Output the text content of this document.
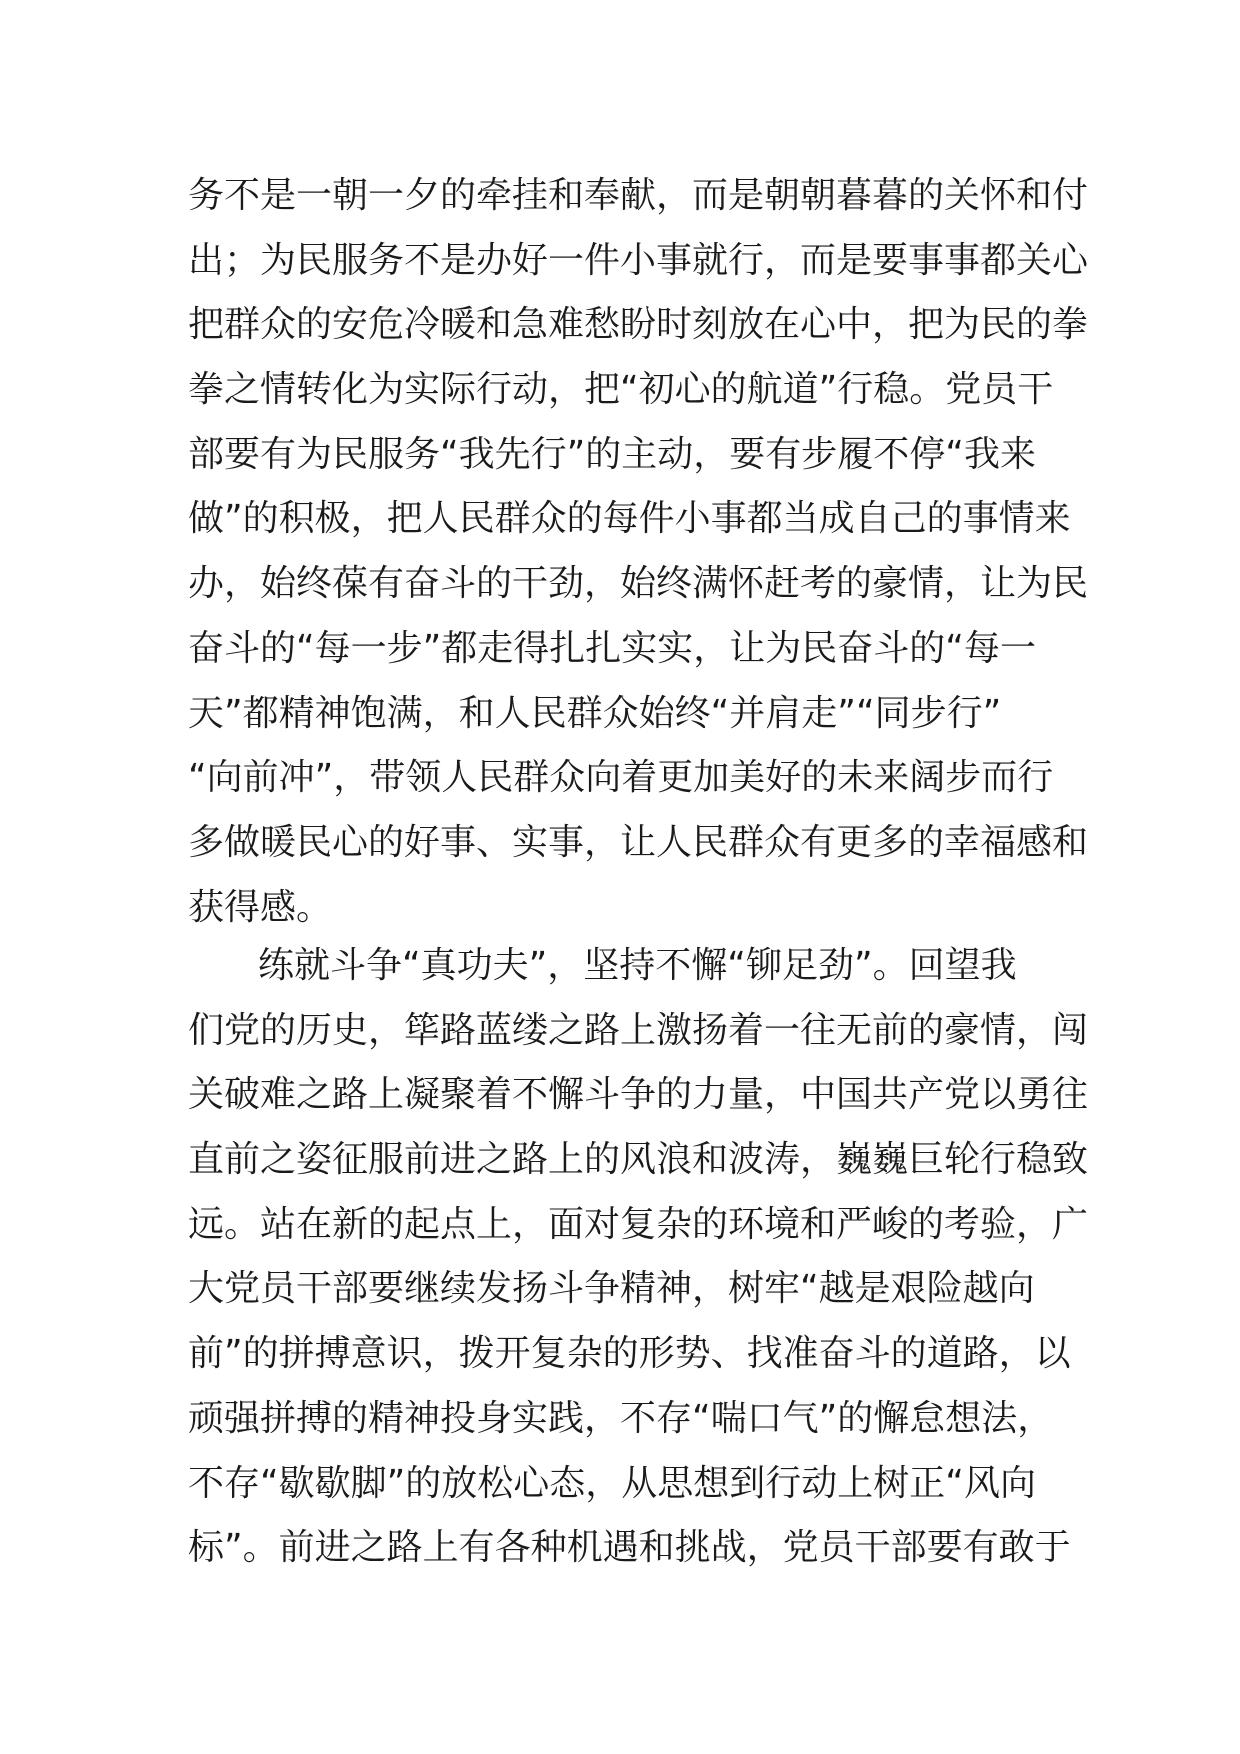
务不是一朝一夕的牵挂和奉献，而是朝朝暮暮的关怀和付
出；为民服务不是办好一件小事就行，而是要事事都关心
把群众的安危冷暖和急难愁盼时刻放在心中，把为民的拳
拳之情转化为实际行动，把“初心的航道”行稳。党员干
部要有为民服务“我先行”的主动，要有步履不停“我来
做”的积极，把人民群众的每件小事都当成自己的事情来
办，始终葆有奋斗的干劲，始终满怀赶考的豪情，让为民
奋斗的“每一步”都走得扎扎实实，让为民奋斗的“每一
天”都精神饱满，和人民群众始终“并肩走”“同步行”
“向前冲”，带领人民群众向着更加美好的未来阔步而行
多做暖民心的好事、实事，让人民群众有更多的幸福感和
获得感。
练就斗争“真功夫”，坚持不懈“铆足劲”。回望我
们党的历史，筚路蓝缕之路上激扬着一往无前的豪情，闯
关破难之路上凝聚着不懈斗争的力量，中国共产党以勇往
直前之姿征服前进之路上的风浪和波涛，巍巍巨轮行稳致
远。站在新的起点上，面对复杂的环境和严峻的考验，广
大党员干部要继续发扬斗争精神，树牢“越是艰险越向
前”的拼搏意识，拨开复杂的形势、找准奋斗的道路，以
顽强拼搏的精神投身实践，不存“喘口气”的懈怠想法，
不存“歇歇脚”的放松心态，从思想到行动上树正“风向
标”。前进之路上有各种机遇和挑战，党员干部要有敢于
